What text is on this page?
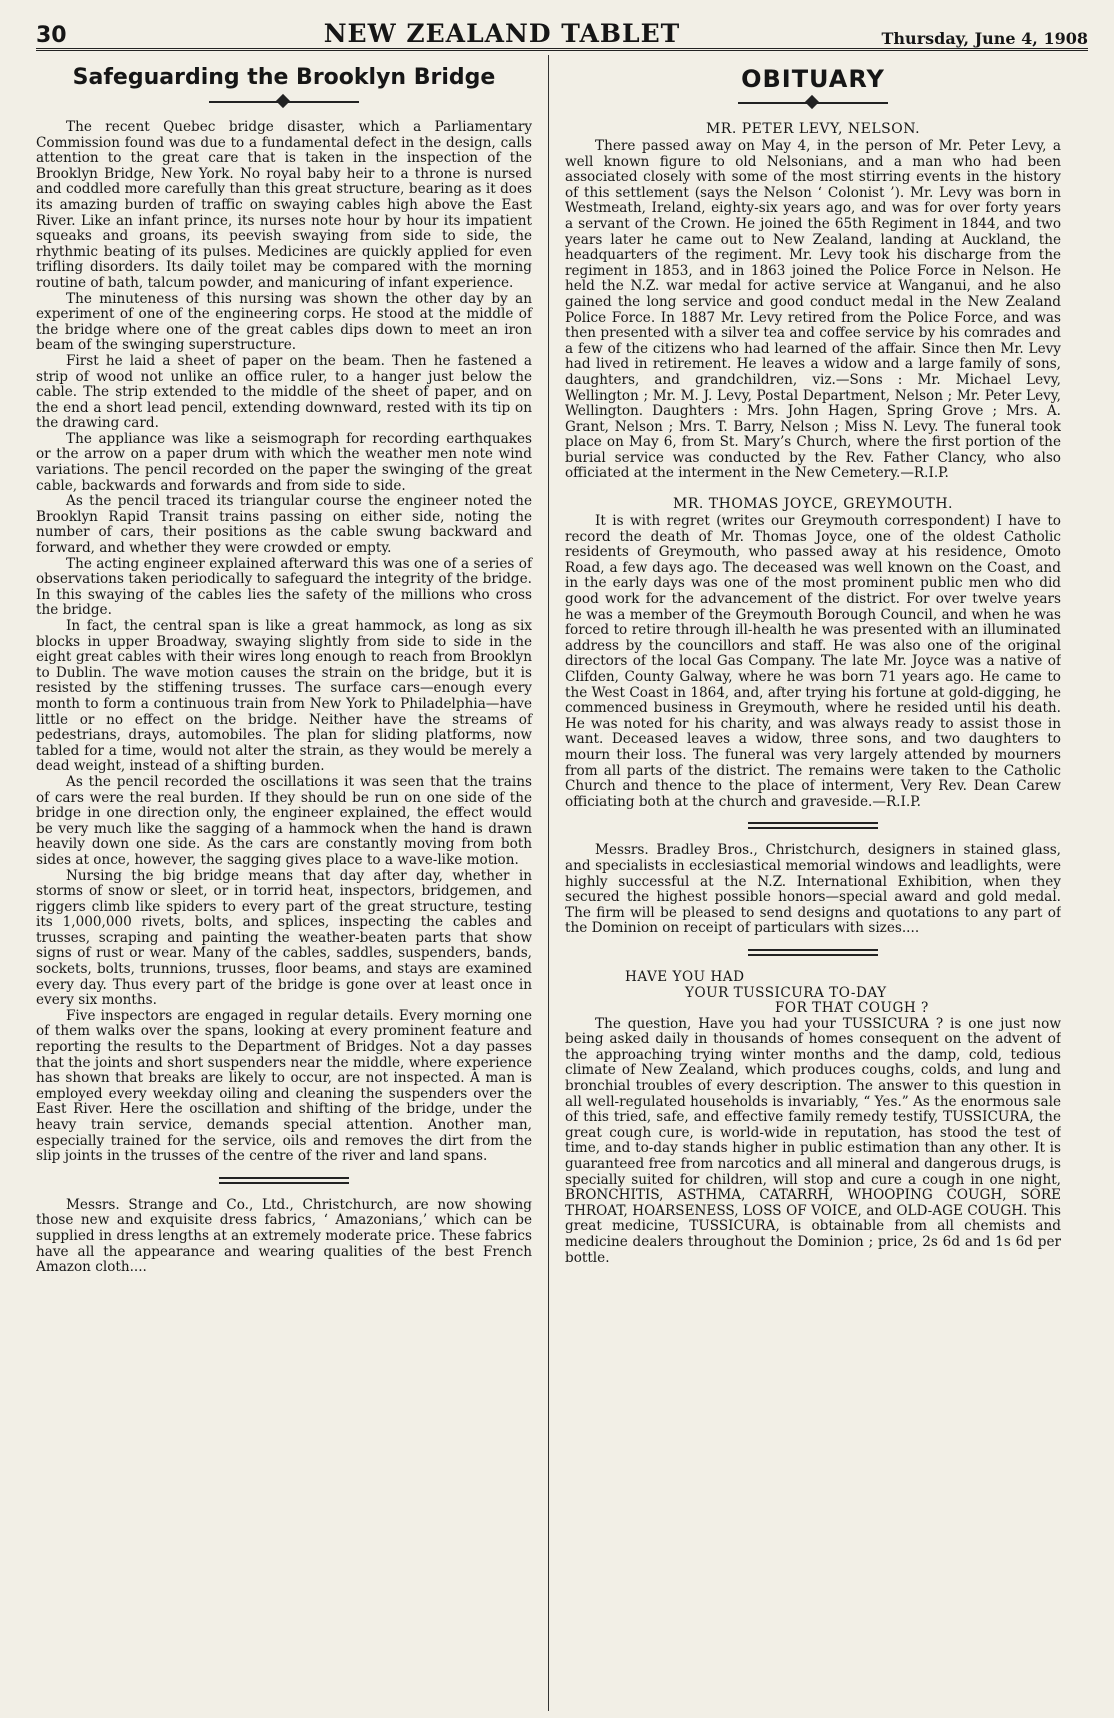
30	NEW ZEALAND TABLET	Thursday, June 4, 1908
Safeguarding the Brooklyn Bridge

The recent Quebec bridge disaster, which a Parliamentary Commission found was due to a fundamental defect in the design, calls attention to the great care that is taken in the inspection of the Brooklyn Bridge, New York. No royal baby heir to a throne is nursed and coddled more carefully than this great structure, bearing as it does its amazing burden of traffic on swaying cables high above the East River. Like an infant prince, its nurses note hour by hour its impatient squeaks and groans, its peevish swaying from side to side, the rhythmic beating of its pulses. Medicines are quickly applied for even trifling disorders. Its daily toilet may be compared with the morning routine of bath, talcum powder, and manicuring of infant experience.

The minuteness of this nursing was shown the other day by an experiment of one of the engineering corps. He stood at the middle of the bridge where one of the great cables dips down to meet an iron beam of the swinging superstructure.

First he laid a sheet of paper on the beam. Then he fastened a strip of wood not unlike an office ruler, to a hanger just below the cable. The strip extended to the middle of the sheet of paper, and on the end a short lead pencil, extending downward, rested with its tip on the drawing card.

The appliance was like a seismograph for recording earthquakes or the arrow on a paper drum with which the weather men note wind variations. The pencil recorded on the paper the swinging of the great cable, backwards and forwards and from side to side.

As the pencil traced its triangular course the engineer noted the Brooklyn Rapid Transit trains passing on either side, noting the number of cars, their positions as the cable swung backward and forward, and whether they were crowded or empty.

The acting engineer explained afterward this was one of a series of observations taken periodically to safeguard the integrity of the bridge. In this swaying of the cables lies the safety of the millions who cross the bridge.

In fact, the central span is like a great hammock, as long as six blocks in upper Broadway, swaying slightly from side to side in the eight great cables with their wires long enough to reach from Brooklyn to Dublin. The wave motion causes the strain on the bridge, but it is resisted by the stiffening trusses. The surface cars—enough every month to form a continuous train from New York to Philadelphia—have little or no effect on the bridge. Neither have the streams of pedestrians, drays, automobiles. The plan for sliding platforms, now tabled for a time, would not alter the strain, as they would be merely a dead weight, instead of a shifting burden.

As the pencil recorded the oscillations it was seen that the trains of cars were the real burden. If they should be run on one side of the bridge in one direction only, the engineer explained, the effect would be very much like the sagging of a hammock when the hand is drawn heavily down one side. As the cars are constantly moving from both sides at once, however, the sagging gives place to a wave-like motion.

Nursing the big bridge means that day after day, whether in storms of snow or sleet, or in torrid heat, inspectors, bridgemen, and riggers climb like spiders to every part of the great structure, testing its 1,000,000 rivets, bolts, and splices, inspecting the cables and trusses, scraping and painting the weather-beaten parts that show signs of rust or wear. Many of the cables, saddles, suspenders, bands, sockets, bolts, trunnions, trusses, floor beams, and stays are examined every day. Thus every part of the bridge is gone over at least once in every six months.

Five inspectors are engaged in regular details. Every morning one of them walks over the spans, looking at every prominent feature and reporting the results to the Department of Bridges. Not a day passes that the joints and short suspenders near the middle, where experience has shown that breaks are likely to occur, are not inspected. A man is employed every weekday oiling and cleaning the suspenders over the East River. Here the oscillation and shifting of the bridge, under the heavy train service, demands special attention. Another man, especially trained for the service, oils and removes the dirt from the slip joints in the trusses of the centre of the river and land spans.

Messrs. Strange and Co., Ltd., Christchurch, are now showing those new and exquisite dress fabrics, ‘ Amazonians,’ which can be supplied in dress lengths at an extremely moderate price. These fabrics have all the appearance and wearing qualities of the best French Amazon cloth....

OBITUARY
MR. PETER LEVY, NELSON.

There passed away on May 4, in the person of Mr. Peter Levy, a well known figure to old Nelsonians, and a man who had been associated closely with some of the most stirring events in the history of this settlement (says the Nelson ‘ Colonist ’). Mr. Levy was born in Westmeath, Ireland, eighty-six years ago, and was for over forty years a servant of the Crown. He joined the 65th Regiment in 1844, and two years later he came out to New Zealand, landing at Auckland, the headquarters of the regiment. Mr. Levy took his discharge from the regiment in 1853, and in 1863 joined the Police Force in Nelson. He held the N.Z. war medal for active service at Wanganui, and he also gained the long service and good conduct medal in the New Zealand Police Force. In 1887 Mr. Levy retired from the Police Force, and was then presented with a silver tea and coffee service by his comrades and a few of the citizens who had learned of the affair. Since then Mr. Levy had lived in retirement. He leaves a widow and a large family of sons, daughters, and grandchildren, viz.—Sons : Mr. Michael Levy, Wellington ; Mr. M. J. Levy, Postal Department, Nelson ; Mr. Peter Levy, Wellington. Daughters : Mrs. John Hagen, Spring Grove ; Mrs. A. Grant, Nelson ; Mrs. T. Barry, Nelson ; Miss N. Levy. The funeral took place on May 6, from St. Mary’s Church, where the first portion of the burial service was conducted by the Rev. Father Clancy, who also officiated at the interment in the New Cemetery.—R.I.P.

MR. THOMAS JOYCE, GREYMOUTH.

It is with regret (writes our Greymouth correspondent) I have to record the death of Mr. Thomas Joyce, one of the oldest Catholic residents of Greymouth, who passed away at his residence, Omoto Road, a few days ago. The deceased was well known on the Coast, and in the early days was one of the most prominent public men who did good work for the advancement of the district. For over twelve years he was a member of the Greymouth Borough Council, and when he was forced to retire through ill-health he was presented with an illuminated address by the councillors and staff. He was also one of the original directors of the local Gas Company. The late Mr. Joyce was a native of Clifden, County Galway, where he was born 71 years ago. He came to the West Coast in 1864, and, after trying his fortune at gold-digging, he commenced business in Greymouth, where he resided until his death. He was noted for his charity, and was always ready to assist those in want. Deceased leaves a widow, three sons, and two daughters to mourn their loss. The funeral was very largely attended by mourners from all parts of the district. The remains were taken to the Catholic Church and thence to the place of interment, Very Rev. Dean Carew officiating both at the church and graveside.—R.I.P.

Messrs. Bradley Bros., Christchurch, designers in stained glass, and specialists in ecclesiastical memorial windows and leadlights, were highly successful at the N.Z. International Exhibition, when they secured the highest possible honors—special award and gold medal. The firm will be pleased to send designs and quotations to any part of the Dominion on receipt of particulars with sizes....

HAVE YOU HAD

YOUR TUSSICURA TO-DAY

FOR THAT COUGH ?

The question, Have you had your TUSSICURA ? is one just now being asked daily in thousands of homes consequent on the advent of the approaching trying winter months and the damp, cold, tedious climate of New Zealand, which produces coughs, colds, and lung and bronchial troubles of every description. The answer to this question in all well-regulated households is invariably, “ Yes.” As the enormous sale of this tried, safe, and effective family remedy testify, TUSSICURA, the great cough cure, is world-wide in reputation, has stood the test of time, and to-day stands higher in public estimation than any other. It is guaranteed free from narcotics and all mineral and dangerous drugs, is specially suited for children, will stop and cure a cough in one night, BRONCHITIS, ASTHMA, CATARRH, WHOOPING COUGH, SORE THROAT, HOARSENESS, LOSS OF VOICE, and OLD-AGE COUGH. This great medicine, TUSSICURA, is obtainable from all chemists and medicine dealers throughout the Dominion ; price, 2s 6d and 1s 6d per bottle.
